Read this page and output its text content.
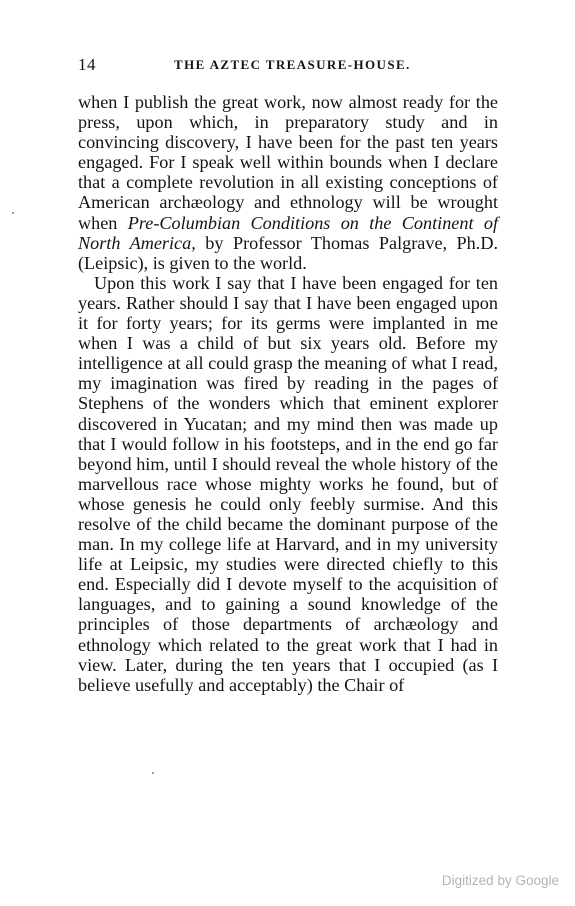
14	THE AZTEC TREASURE-HOUSE.

when I publish the great work, now almost ready for the press, upon which, in preparatory study and in convincing discovery, I have been for the past ten years engaged. For I speak well within bounds when I declare that a complete revolution in all existing conceptions of American archæology and ethnology will be wrought when Pre-Columbian Conditions on the Continent of North America, by Professor Thomas Palgrave, Ph.D. (Leipsic), is given to the world.

Upon this work I say that I have been engaged for ten years. Rather should I say that I have been engaged upon it for forty years; for its germs were implanted in me when I was a child of but six years old. Before my intelligence at all could grasp the meaning of what I read, my imagination was fired by reading in the pages of Stephens of the wonders which that eminent explorer discovered in Yucatan; and my mind then was made up that I would follow in his footsteps, and in the end go far beyond him, until I should reveal the whole history of the marvellous race whose mighty works he found, but of whose genesis he could only feebly surmise. And this resolve of the child became the dominant purpose of the man. In my college life at Harvard, and in my university life at Leipsic, my studies were directed chiefly to this end. Especially did I devote myself to the acquisition of languages, and to gaining a sound knowledge of the principles of those departments of archæology and ethnology which related to the great work that I had in view. Later, during the ten years that I occupied (as I believe usefully and acceptably) the Chair of

Digitized by Google
